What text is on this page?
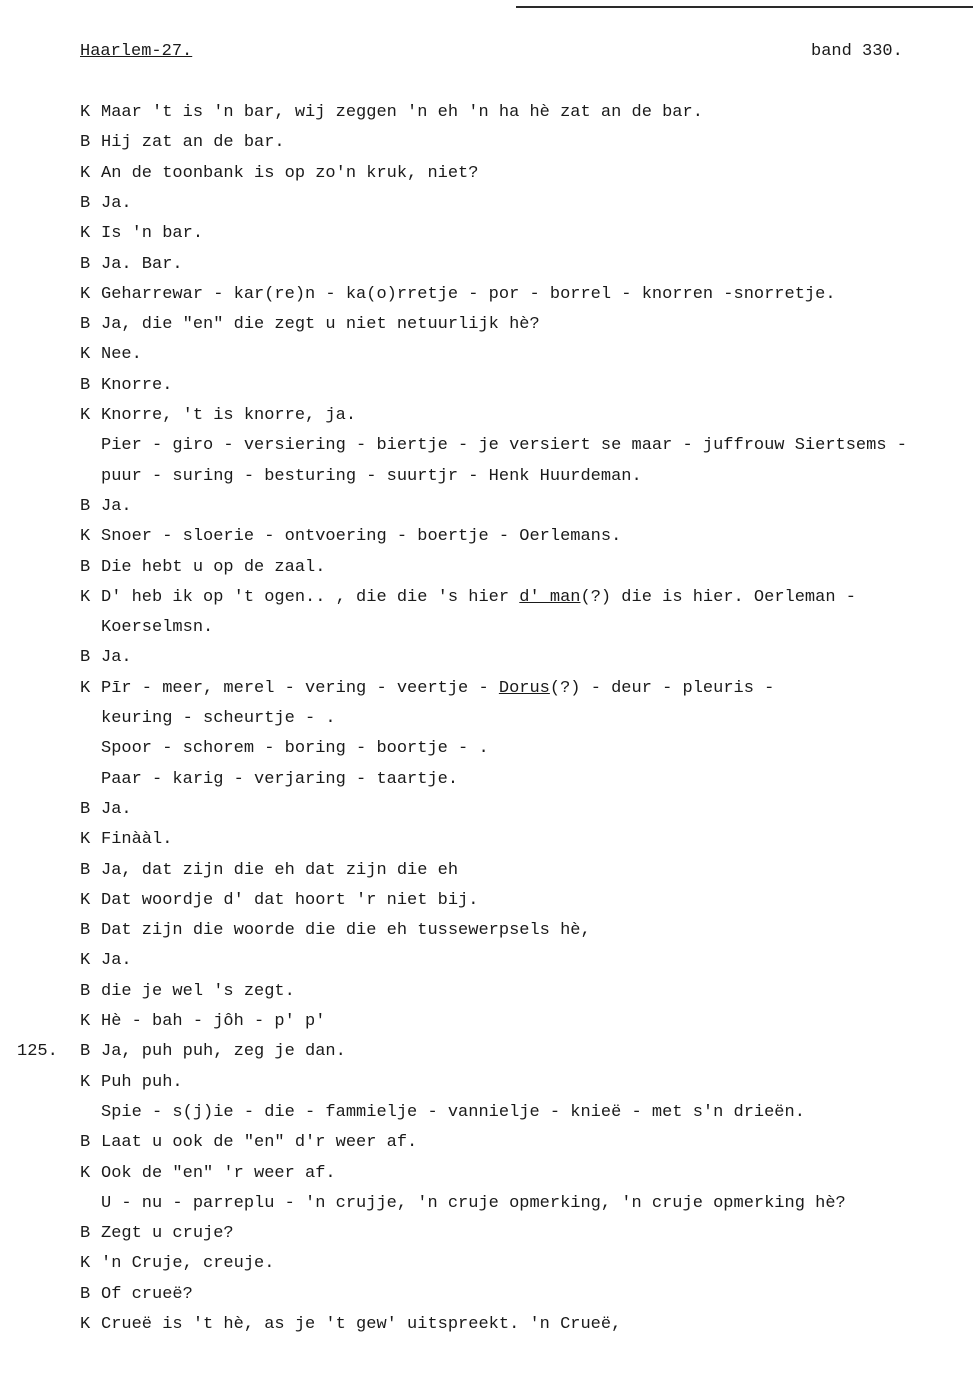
Haarlem-27.	band 330.
K Maar 't is 'n bar, wij zeggen 'n eh 'n ha hè zat an de bar.
B Hij zat an de bar.
K An de toonbank is op zo'n kruk, niet?
B Ja.
K Is 'n bar.
B Ja. Bar.
K Geharrewar - kar(re)n - ka(o)rretje - por - borrel - knorren -snorretje.
B Ja, die "en" die zegt u niet netuurlijk hè?
K Nee.
B Knorre.
K Knorre, 't is knorre, ja.
Pier - giro - versiering - biertje - je versiert se maar - juffrouw Siertsems -
puur - suring - besturing - suurtjr - Henk Huurdeman.
B Ja.
K Snoer - sloerie - ontvoering - boertje - Oerlemans.
B Die hebt u op de zaal.
K D' heb ik op 't ogen.. , die die 's hier d' man(?) die is hier. Oerleman -
Koerselmsn.
B Ja.
K Pīr - meer, merel - vering - veertje - Dorus(?) - deur - pleuris -
keuring - scheurtje - .
Spoor - schorem - boring - boortje - .
Paar - karig - verjaring - taartje.
B Ja.
K Finààl.
B Ja, dat zijn die eh dat zijn die eh
K Dat woordje d' dat hoort 'r niet bij.
B Dat zijn die woorde die die eh tussewerpsels hè,
K Ja.
B die je wel 's zegt.
K Hè - bah - jôh - p' p'
125. B Ja, puh puh, zeg je dan.
K Puh puh.
Spie - s(j)ie - die - fammieljе - vannieljе - knieë - met s'n drieën.
B Laat u ook de "en" d'r weer af.
K Ook de "en" 'r weer af.
U - nu - parreplu - 'n crujje, 'n cruje opmerking, 'n cruje opmerking hè?
B Zegt u cruje?
K 'n Cruje, creuje.
B Of crueë?
K Crueë is 't hè, as je 't gew' uitspreekt. 'n Crueë,
